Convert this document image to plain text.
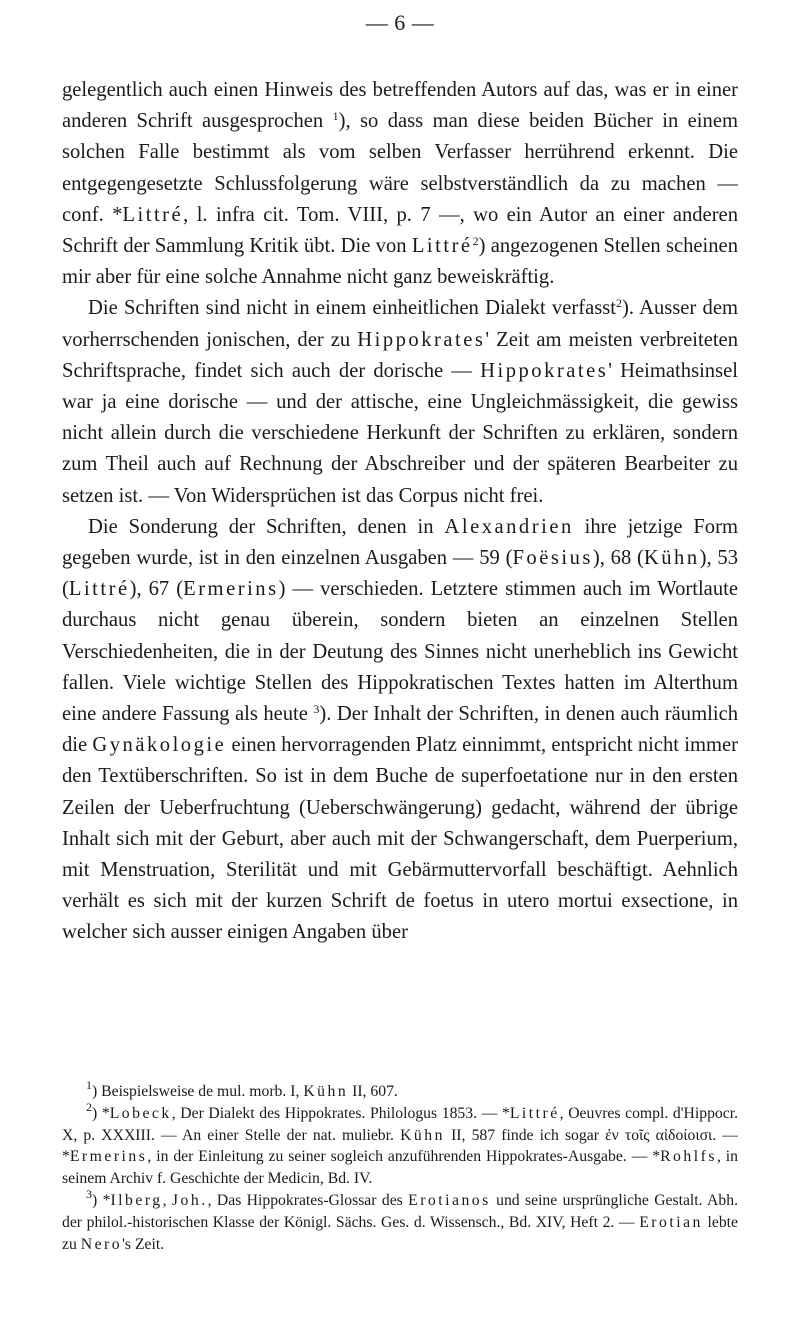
— 6 —

gelegentlich auch einen Hinweis des betreffenden Autors auf das, was er in einer anderen Schrift ausgesprochen $^1$), so dass man diese beiden Bücher in einem solchen Falle bestimmt als vom selben Verfasser herrührend erkennt. Die entgegengesetzte Schlussfolgerung wäre selbstverständlich da zu machen — conf. *Littré, l. infra cit. Tom. VIII, p. 7 —, wo ein Autor an einer anderen Schrift der Sammlung Kritik übt. Die von Littré$^2$) angezogenen Stellen scheinen mir aber für eine solche Annahme nicht ganz beweiskräftig.

Die Schriften sind nicht in einem einheitlichen Dialekt verfasst$^2$). Ausser dem vorherrschenden jonischen, der zu Hippokrates' Zeit am meisten verbreiteten Schriftsprache, findet sich auch der dorische — Hippokrates' Heimathsinsel war ja eine dorische — und der attische, eine Ungleichmässigkeit, die gewiss nicht allein durch die verschiedene Herkunft der Schriften zu erklären, sondern zum Theil auch auf Rechnung der Abschreiber und der späteren Bearbeiter zu setzen ist. — Von Widersprüchen ist das Corpus nicht frei.

Die Sonderung der Schriften, denen in Alexandrien ihre jetzige Form gegeben wurde, ist in den einzelnen Ausgaben — 59 (Foësius), 68 (Kühn), 53 (Littré), 67 (Ermerins) — verschieden. Letztere stimmen auch im Wortlaute durchaus nicht genau überein, sondern bieten an einzelnen Stellen Verschiedenheiten, die in der Deutung des Sinnes nicht unerheblich ins Gewicht fallen. Viele wichtige Stellen des Hippokratischen Textes hatten im Alterthum eine andere Fassung als heute $^3$). Der Inhalt der Schriften, in denen auch räumlich die Gynäkologie einen hervorragenden Platz einnimmt, entspricht nicht immer den Textüberschriften. So ist in dem Buche de superfoetatione nur in den ersten Zeilen der Ueberfruchtung (Ueberschwängerung) gedacht, während der übrige Inhalt sich mit der Geburt, aber auch mit der Schwangerschaft, dem Puerperium, mit Menstruation, Sterilität und mit Gebärmuttervorfall beschäftigt. Aehnlich verhält es sich mit der kurzen Schrift de foetus in utero mortui exsectione, in welcher sich ausser einigen Angaben über

$^1$) Beispielsweise de mul. morb. I, Kühn II, 607.

$^2$) *Lobeck, Der Dialekt des Hippokrates. Philologus 1853. — *Littré, Oeuvres compl. d'Hippocr. X, p. XXXIII. — An einer Stelle der nat. muliebr. Kühn II, 587 finde ich sogar ἐν τοῖς αἰδοίοισι. — *Ermerins, in der Einleitung zu seiner sogleich anzuführenden Hippokrates-Ausgabe. — *Rohlfs, in seinem Archiv f. Geschichte der Medicin, Bd. IV.

$^3$) *Ilberg, Joh., Das Hippokrates-Glossar des Erotianos und seine ursprüngliche Gestalt. Abh. der philol.-historischen Klasse der Königl. Sächs. Ges. d. Wissensch., Bd. XIV, Heft 2. — Erotian lebte zu Nero's Zeit.
